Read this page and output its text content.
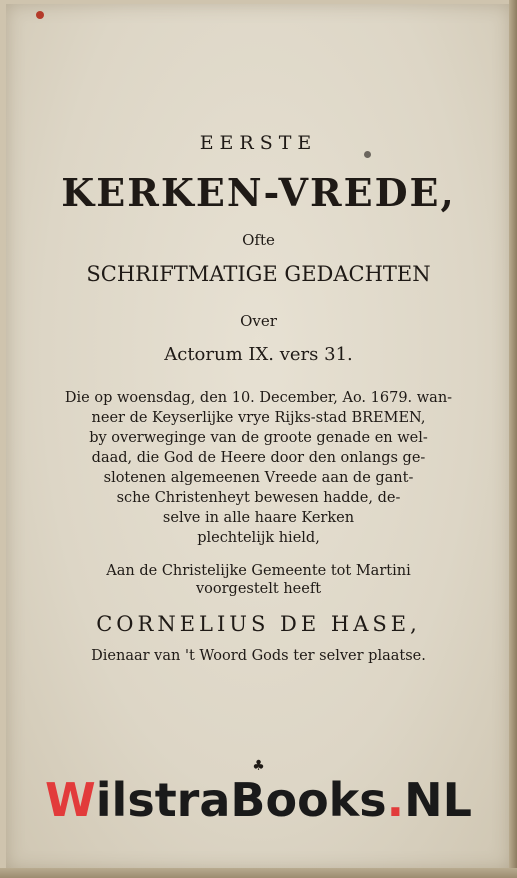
EERSTE
KERKEN-VREDE,
Ofte
SCHRIFTMATIGE GEDACHTEN
Over
Actorum IX. vers 31.
Die op woensdag, den 10. December, Ao. 1679. wan-
neer de Keyserlijke vrye Rijks-stad BREMEN,
by overweginge van de groote genade en wel-
daad, die God de Heere door den onlangs ge-
slotenen algemeenen Vreede aan de gant-
sche Christenheyt bewesen hadde, de-
selve in alle haare Kerken
plechtelijk hield,
Aan de Christelijke Gemeente tot Martini
voorgestelt heeft
CORNELIUS DE HASE,
Dienaar van 't Woord Gods ter selver plaatse.
♣
WilstraBooks.NL
